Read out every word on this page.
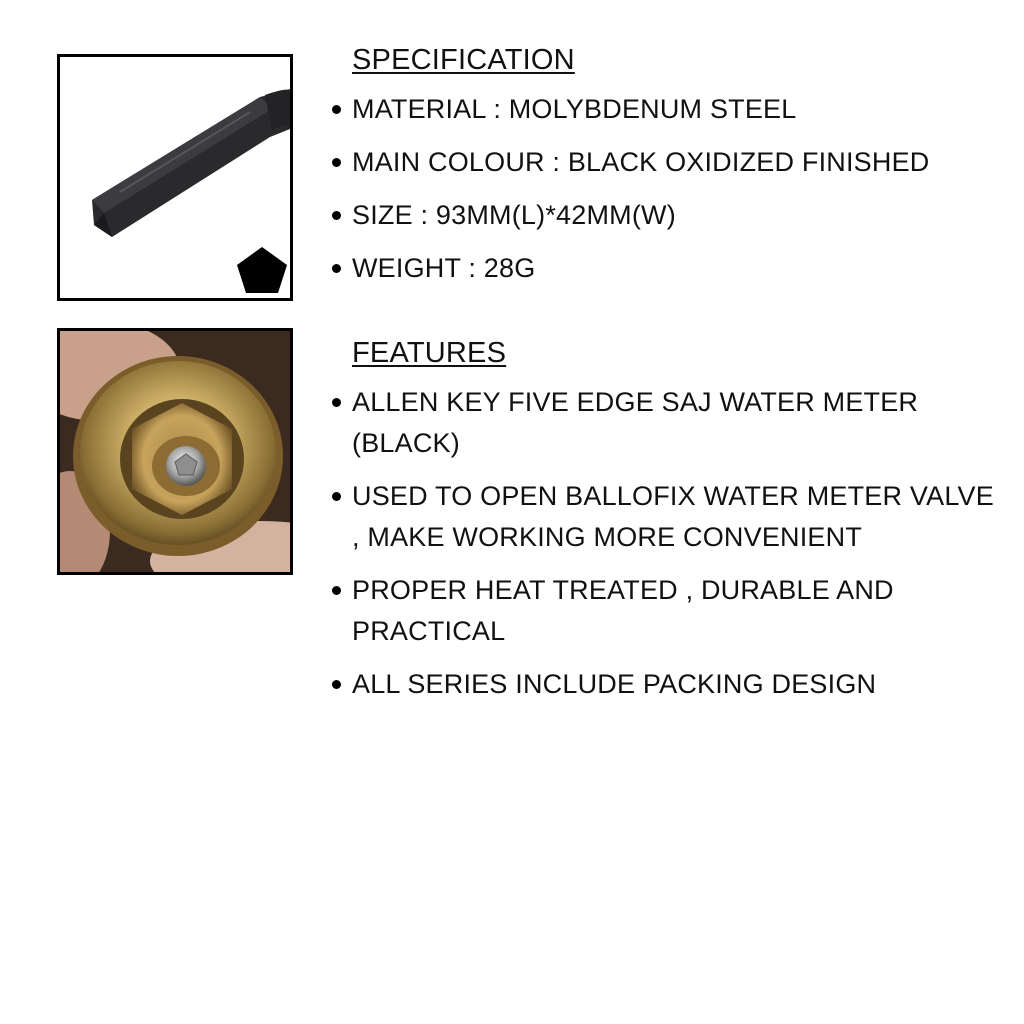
SPECIFICATION
MATERIAL : MOLYBDENUM STEEL
MAIN COLOUR : BLACK OXIDIZED FINISHED
SIZE : 93MM(L)*42MM(W)
WEIGHT : 28G
FEATURES
ALLEN KEY FIVE EDGE SAJ WATER METER (BLACK)
USED TO OPEN BALLOFIX WATER METER VALVE , MAKE WORKING MORE CONVENIENT
PROPER HEAT TREATED , DURABLE AND PRACTICAL
ALL SERIES INCLUDE PACKING DESIGN
